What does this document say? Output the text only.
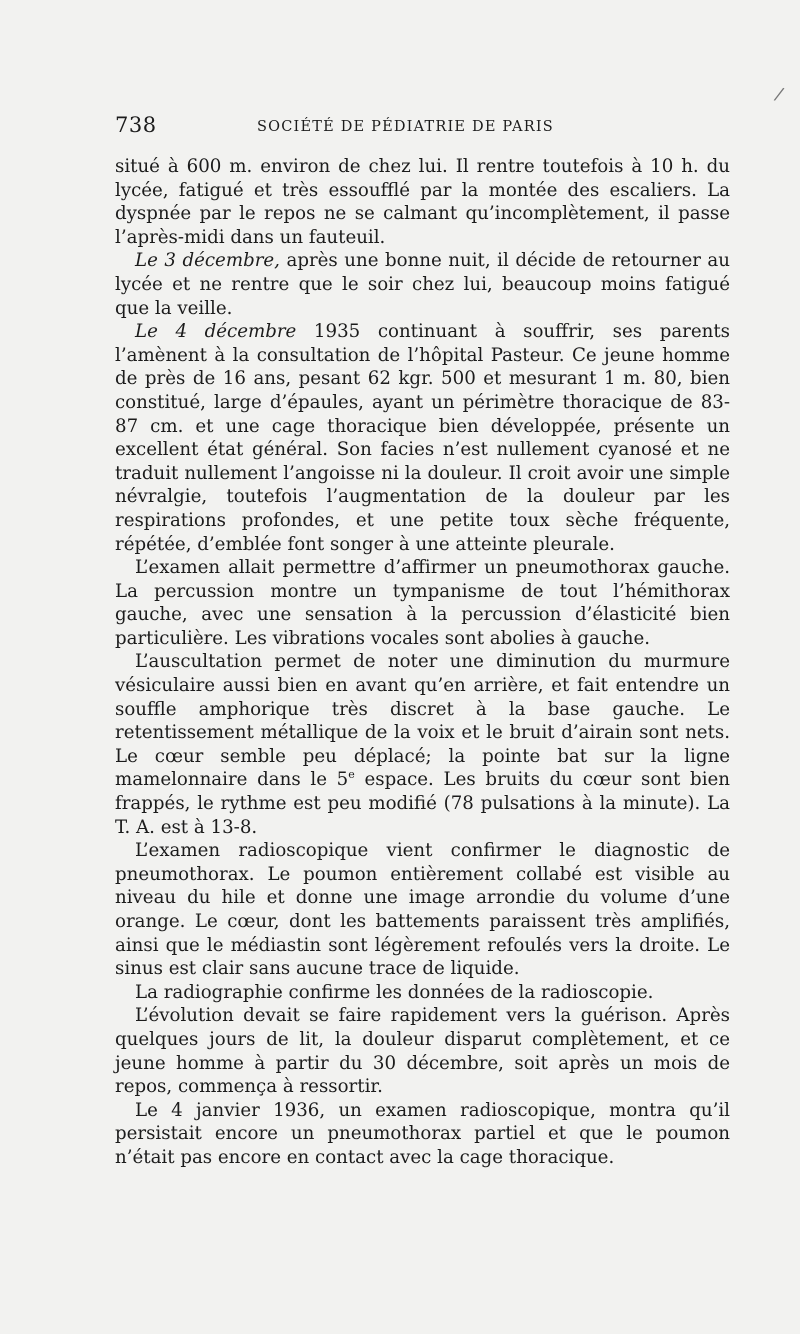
/
738	SOCIÉTÉ DE PÉDIATRIE DE PARIS

situé à 600 m. environ de chez lui. Il rentre toutefois à 10 h. du lycée, fatigué et très essoufflé par la montée des escaliers. La dyspnée par le repos ne se calmant qu’incomplètement, il passe l’après-midi dans un fauteuil.

Le 3 décembre, après une bonne nuit, il décide de retourner au lycée et ne rentre que le soir chez lui, beaucoup moins fatigué que la veille.

Le 4 décembre 1935 continuant à souffrir, ses parents l’amènent à la consultation de l’hôpital Pasteur. Ce jeune homme de près de 16 ans, pesant 62 kgr. 500 et mesurant 1 m. 80, bien constitué, large d’épaules, ayant un périmètre thoracique de 83-87 cm. et une cage thoracique bien développée, présente un excellent état général. Son facies n’est nullement cyanosé et ne traduit nullement l’angoisse ni la douleur. Il croit avoir une simple névralgie, toutefois l’augmentation de la douleur par les respirations profondes, et une petite toux sèche fréquente, répétée, d’emblée font songer à une atteinte pleurale.

L’examen allait permettre d’affirmer un pneumothorax gauche. La percussion montre un tympanisme de tout l’hémithorax gauche, avec une sensation à la percussion d’élasticité bien particulière. Les vibrations vocales sont abolies à gauche.

L’auscultation permet de noter une diminution du murmure vésiculaire aussi bien en avant qu’en arrière, et fait entendre un souffle amphorique très discret à la base gauche. Le retentissement métallique de la voix et le bruit d’airain sont nets. Le cœur semble peu déplacé; la pointe bat sur la ligne mamelonnaire dans le 5e espace. Les bruits du cœur sont bien frappés, le rythme est peu modifié (78 pulsations à la minute). La T. A. est à 13-8.

L’examen radioscopique vient confirmer le diagnostic de pneumothorax. Le poumon entièrement collabé est visible au niveau du hile et donne une image arrondie du volume d’une orange. Le cœur, dont les battements paraissent très amplifiés, ainsi que le médiastin sont légèrement refoulés vers la droite. Le sinus est clair sans aucune trace de liquide.

La radiographie confirme les données de la radioscopie.

L’évolution devait se faire rapidement vers la guérison. Après quelques jours de lit, la douleur disparut complètement, et ce jeune homme à partir du 30 décembre, soit après un mois de repos, commença à ressortir.

Le 4 janvier 1936, un examen radioscopique, montra qu’il persistait encore un pneumothorax partiel et que le poumon n’était pas encore en contact avec la cage thoracique.
